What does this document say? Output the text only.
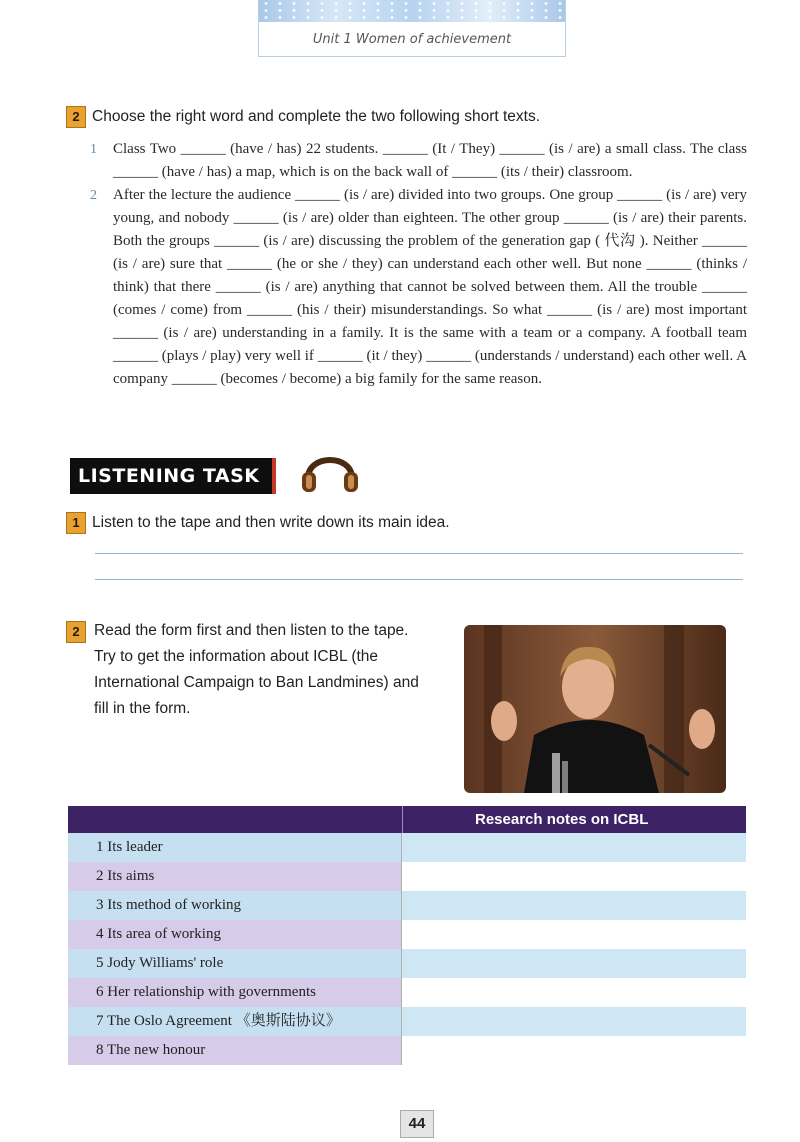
Unit 1 Women of achievement
2 Choose the right word and complete the two following short texts.
1 Class Two ______ (have / has) 22 students. ______ (It / They) ______ (is / are) a small class. The class ______ (have / has) a map, which is on the back wall of ______ (its / their) classroom.
2 After the lecture the audience ______ (is / are) divided into two groups. One group ______ (is / are) very young, and nobody ______ (is / are) older than eighteen. The other group ______ (is / are) their parents. Both the groups ______ (is / are) discussing the problem of the generation gap ( 代沟 ). Neither ______ (is / are) sure that ______ (he or she / they) can understand each other well. But none ______ (thinks / think) that there ______ (is / are) anything that cannot be solved between them. All the trouble ______ (comes / come) from ______ (his / their) misunderstandings. So what ______ (is / are) most important ______ (is / are) understanding in a family. It is the same with a team or a company. A football team ______ (plays / play) very well if ______ (it / they) ______ (understands / understand) each other well. A company ______ (becomes / become) a big family for the same reason.
LISTENING TASK
1 Listen to the tape and then write down its main idea.
2 Read the form first and then listen to the tape.
Try to get the information about ICBL (the
International Campaign to Ban Landmines) and
fill in the form.
Research notes on ICBL
1 Its leader
2 Its aims
3 Its method of working
4 Its area of working
5 Jody Williams' role
6 Her relationship with governments
7 The Oslo Agreement 《奥斯陆协议》
8 The new honour
44
